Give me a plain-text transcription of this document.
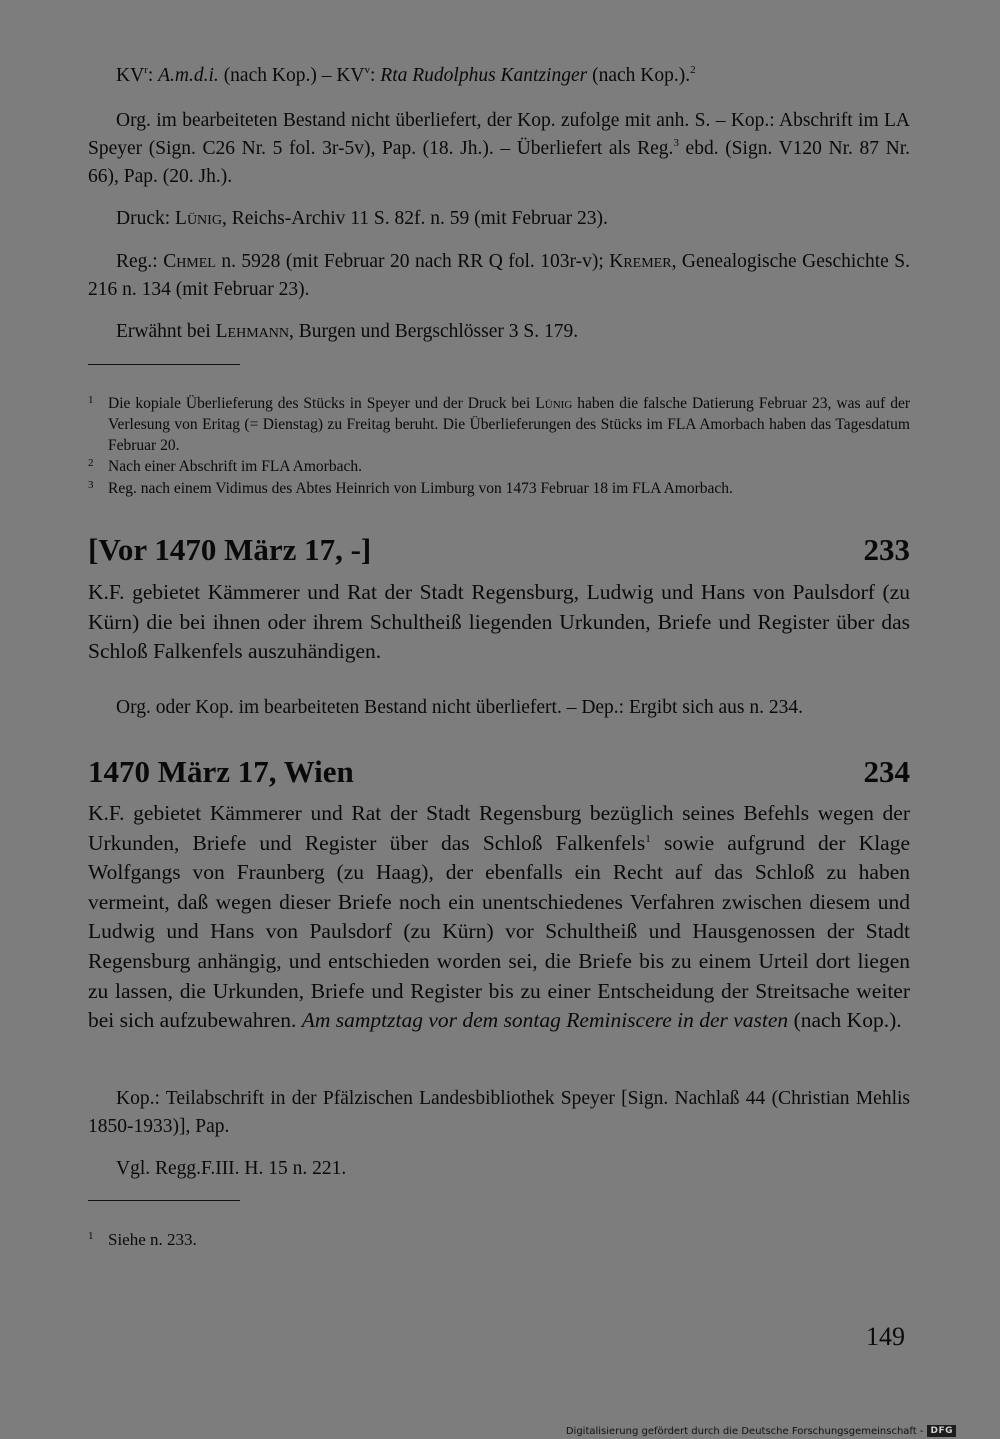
$KV^r$: A.m.d.i. (nach $Kop.) - KV^v$: Rta Rudolphus Kantzinger (nach Kop.).$^2$
Org. im bearbeiteten Bestand nicht überliefert, der Kop. zufolge mit anh. S. – Kop.: Abschrift im LA Speyer (Sign. C26 Nr. 5 fol. 3r-5v), Pap. (18. Jh.). – Überliefert als Reg.$^3$ ebd. (Sign. V120 Nr. 87 Nr. 66), Pap. (20. Jh.).
Druck: Lünig, Reichs-Archiv 11 S. 82f. n. 59 (mit Februar 23).
Reg.: Chmel n. 5928 (mit Februar 20 nach RR Q fol. 103r-v); Kremer, Genealogische Geschichte S. 216 n. 134 (mit Februar 23).
Erwähnt bei Lehmann, Burgen und Bergschlösser 3 S. 179.
1 Die kopiale Überlieferung des Stücks in Speyer und der Druck bei Lünig haben die falsche Datierung Februar 23, was auf der Verlesung von Eritag (= Dienstag) zu Freitag beruht. Die Überlieferungen des Stücks im FLA Amorbach haben das Tagesdatum Februar 20.
2 Nach einer Abschrift im FLA Amorbach.
3 Reg. nach einem Vidimus des Abtes Heinrich von Limburg von 1473 Februar 18 im FLA Amorbach.
[Vor 1470 März 17, -]	233
K.F. gebietet Kämmerer und Rat der Stadt Regensburg, Ludwig und Hans von Paulsdorf (zu Kürn) die bei ihnen oder ihrem Schultheiß liegenden Urkunden, Briefe und Register über das Schloß Falkenfels auszuhändigen.
Org. oder Kop. im bearbeiteten Bestand nicht überliefert. – Dep.: Ergibt sich aus n. 234.
1470 März 17, Wien	234
K.F. gebietet Kämmerer und Rat der Stadt Regensburg bezüglich seines Befehls wegen der Urkunden, Briefe und Register über das Schloß Falkenfels$^1$ sowie aufgrund der Klage Wolfgangs von Fraunberg (zu Haag), der ebenfalls ein Recht auf das Schloß zu haben vermeint, daß wegen dieser Briefe noch ein unentschiedenes Verfahren zwischen diesem und Ludwig und Hans von Paulsdorf (zu Kürn) vor Schultheiß und Hausgenossen der Stadt Regensburg anhängig, und entschieden worden sei, die Briefe bis zu einem Urteil dort liegen zu lassen, die Urkunden, Briefe und Register bis zu einer Entscheidung der Streitsache weiter bei sich aufzubewahren. Am samptztag vor dem sontag Reminiscere in der vasten (nach Kop.).
Kop.: Teilabschrift in der Pfälzischen Landesbibliothek Speyer [Sign. Nachlaß 44 (Christian Mehlis 1850-1933)], Pap.
Vgl. Regg.F.III. H. 15 n. 221.
1 Siehe n. 233.
149
Digitalisierung gefördert durch die Deutsche Forschungsgemeinschaft - DFG
